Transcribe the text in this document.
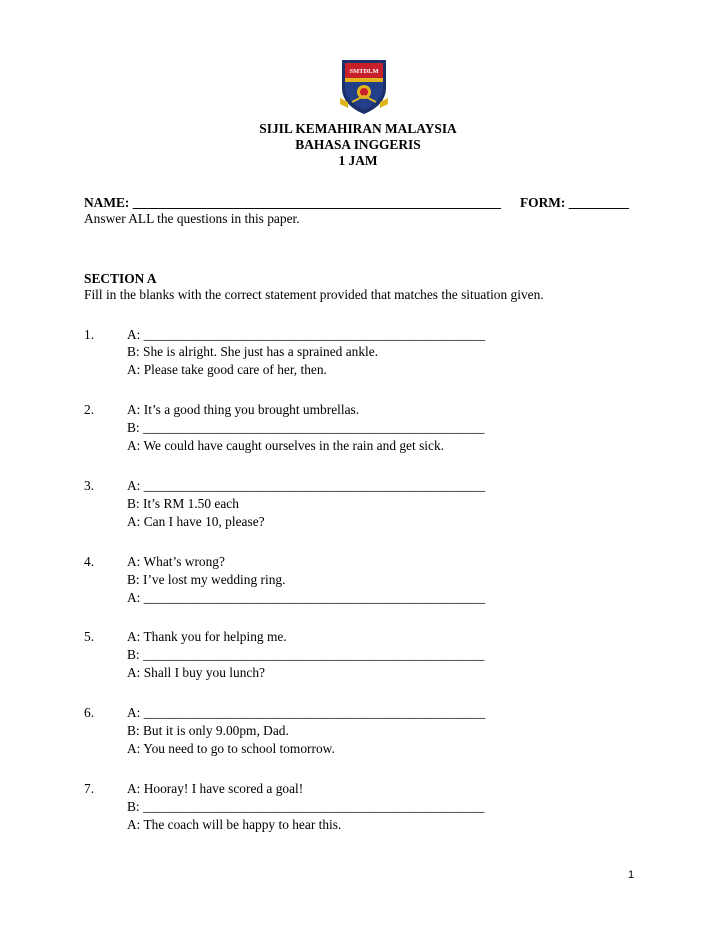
SMTDLM
SIJIL KEMAHIRAN MALAYSIA
BAHASA INGGERIS
1 JAM
NAME: _______________________________________________________ FORM: _________
Answer ALL the questions in this paper.
SECTION A
Fill in the blanks with the correct statement provided that matches the situation given.
1. A: ___________________________________________________
B: She is alright. She just has a sprained ankle.
A: Please take good care of her, then.
2. A: It’s a good thing you brought umbrellas.
B: ___________________________________________________
A: We could have caught ourselves in the rain and get sick.
3. A: ___________________________________________________
B: It’s RM 1.50 each
A: Can I have 10, please?
4. A: What’s wrong?
B: I’ve lost my wedding ring.
A: ___________________________________________________
5. A: Thank you for helping me.
B: ___________________________________________________
A: Shall I buy you lunch?
6. A: ___________________________________________________
B: But it is only 9.00pm, Dad.
A: You need to go to school tomorrow.
7. A: Hooray! I have scored a goal!
B: ___________________________________________________
A: The coach will be happy to hear this.
1
